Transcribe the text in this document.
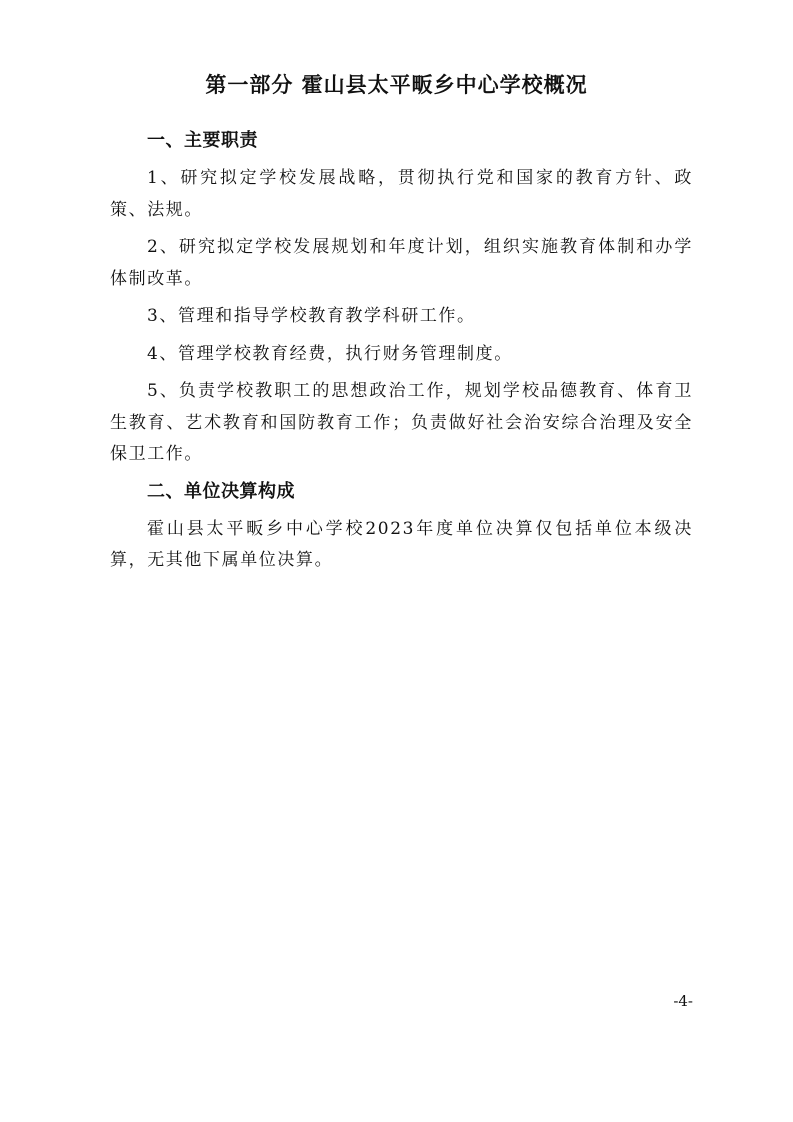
第一部分 霍山县太平畈乡中心学校概况
一、主要职责

1、研究拟定学校发展战略，贯彻执行党和国家的教育方针、政策、法规。

2、研究拟定学校发展规划和年度计划，组织实施教育体制和办学体制改革。

3、管理和指导学校教育教学科研工作。

4、管理学校教育经费，执行财务管理制度。

5、负责学校教职工的思想政治工作，规划学校品德教育、体育卫生教育、艺术教育和国防教育工作；负责做好社会治安综合治理及安全保卫工作。

二、单位决算构成

霍山县太平畈乡中心学校2023年度单位决算仅包括单位本级决算，无其他下属单位决算。

-4-
